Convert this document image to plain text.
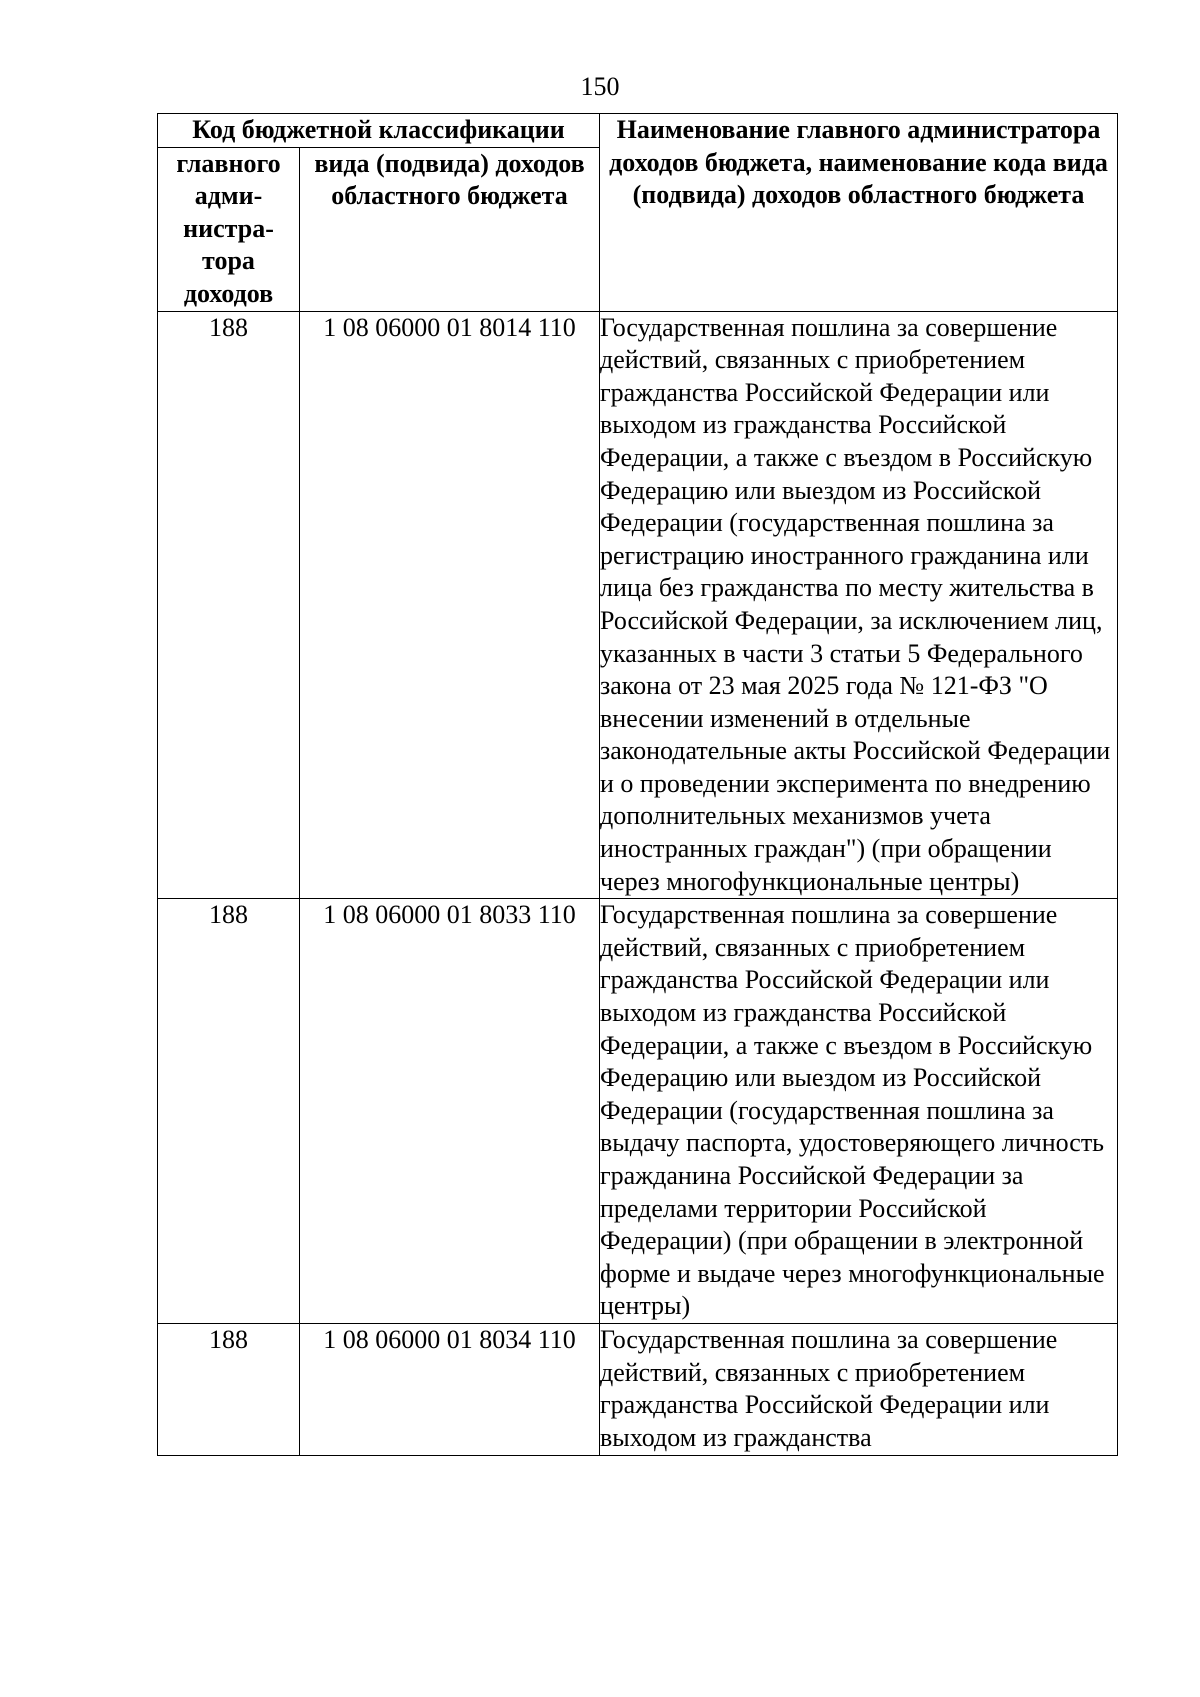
150
Код бюджетной классификации		Наименование главного администратора доходов бюджета, наименование кода вида (подвида) доходов областного бюджета
главного адми- нистра- тора доходов	вида (подвида) доходов областного бюджета	
188	1 08 06000 01 8014 110	Государственная пошлина за совершение действий, связанных с приобретением гражданства Российской Федерации или выходом из гражданства Российской Федерации, а также с въездом в Российскую Федерацию или выездом из Российской Федерации (государственная пошлина за регистрацию иностранного гражданина или лица без гражданства по месту жительства в Российской Федерации, за исключением лиц, указанных в части 3 статьи 5 Федерального закона от 23 мая 2025 года № 121-ФЗ "О внесении изменений в отдельные законодательные акты Российской Федерации и о проведении эксперимента по внедрению дополнительных механизмов учета иностранных граждан") (при обращении через многофункциональные центры)
188	1 08 06000 01 8033 110	Государственная пошлина за совершение действий, связанных с приобретением гражданства Российской Федерации или выходом из гражданства Российской Федерации, а также с въездом в Российскую Федерацию или выездом из Российской Федерации (государственная пошлина за выдачу паспорта, удостоверяющего личность гражданина Российской Федерации за пределами территории Российской Федерации) (при обращении в электронной форме и выдаче через многофункциональные центры)
188	1 08 06000 01 8034 110	Государственная пошлина за совершение действий, связанных с приобретением гражданства Российской Федерации или выходом из гражданства
